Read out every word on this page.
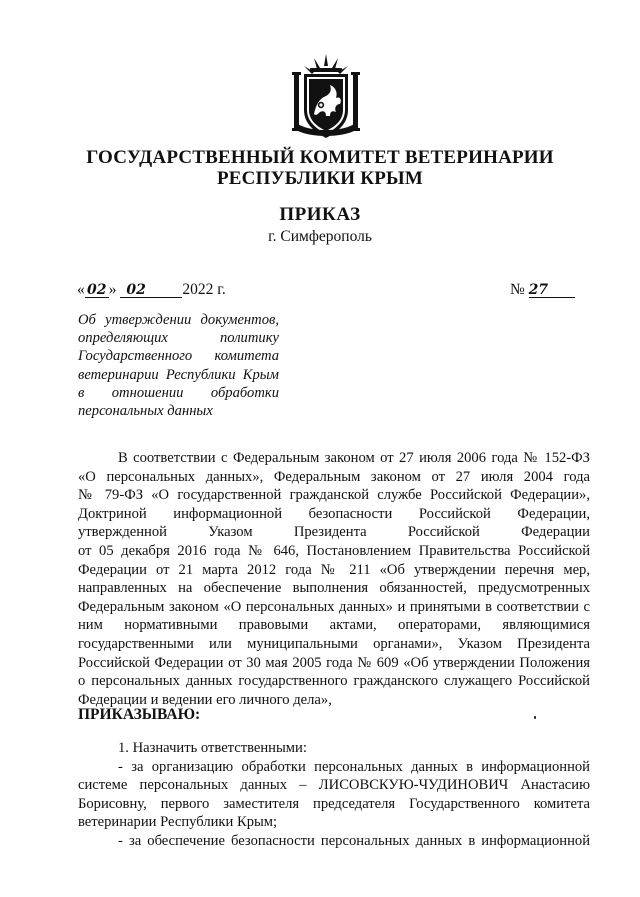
ГОСУДАРСТВЕННЫЙ КОМИТЕТ ВЕТЕРИНАРИИ
РЕСПУБЛИКИ КРЫМ
ПРИКАЗ
г. Симферополь
« 02 » 02 2022 г.	№ 27
Об утверждении документов,
определяющих политику
Государственного комитета
ветеринарии Республики Крым
в отношении обработки
персональных данных
В соответствии с Федеральным законом от 27 июля 2006 года № 152-ФЗ
«О персональных данных», Федеральным законом от 27 июля 2004 года
№ 79-ФЗ «О государственной гражданской службе Российской Федерации»,
Доктриной информационной безопасности Российской Федерации,
утвержденной Указом Президента Российской Федерации
от 05 декабря 2016 года № 646, Постановлением Правительства Российской
Федерации от 21 марта 2012 года № 211 «Об утверждении перечня мер,
направленных на обеспечение выполнения обязанностей, предусмотренных
Федеральным законом «О персональных данных» и принятыми в соответствии с
ним нормативными правовыми актами, операторами, являющимися
государственными или муниципальными органами», Указом Президента
Российской Федерации от 30 мая 2005 года № 609 «Об утверждении Положения
о персональных данных государственного гражданского служащего Российской
Федерации и ведении его личного дела»,
ПРИКАЗЫВАЮ:
1. Назначить ответственными:
- за организацию обработки персональных данных в информационной
системе персональных данных – ЛИСОВСКУЮ-ЧУДИНОВИЧ Анастасию
Борисовну, первого заместителя председателя Государственного комитета
ветеринарии Республики Крым;
- за обеспечение безопасности персональных данных в информационной
